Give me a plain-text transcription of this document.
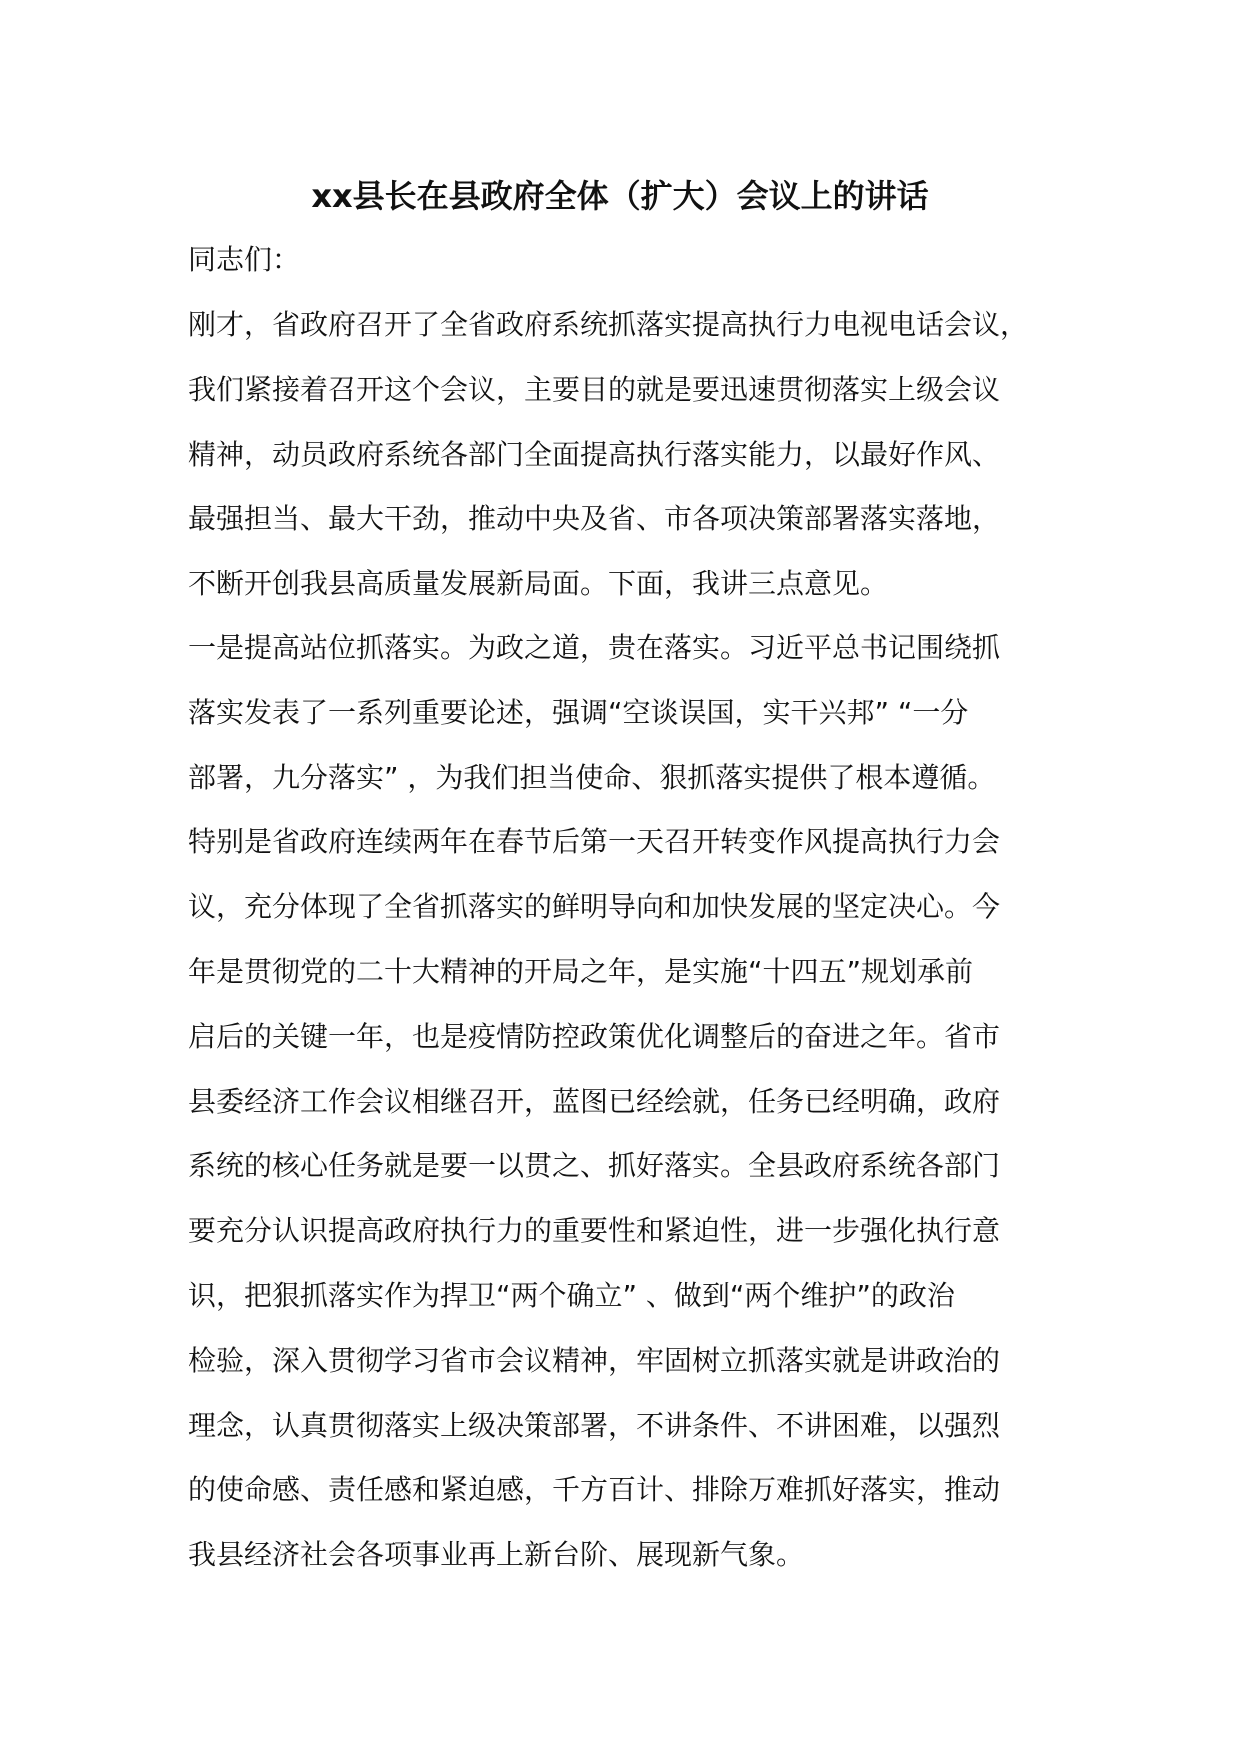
xx县长在县政府全体（扩大）会议上的讲话

同志们：

刚才，省政府召开了全省政府系统抓落实提高执行力电视电话会议，

我们紧接着召开这个会议，主要目的就是要迅速贯彻落实上级会议

精神，动员政府系统各部门全面提高执行落实能力，以最好作风、

最强担当、最大干劲，推动中央及省、市各项决策部署落实落地，

不断开创我县高质量发展新局面。下面，我讲三点意见。

一是提高站位抓落实。为政之道，贵在落实。习近平总书记围绕抓

落实发表了一系列重要论述，强调“空谈误国，实干兴邦” “一分

部署，九分落实” ，为我们担当使命、狠抓落实提供了根本遵循。

特别是省政府连续两年在春节后第一天召开转变作风提高执行力会

议，充分体现了全省抓落实的鲜明导向和加快发展的坚定决心。今

年是贯彻党的二十大精神的开局之年，是实施“十四五”规划承前

启后的关键一年，也是疫情防控政策优化调整后的奋进之年。省市

县委经济工作会议相继召开，蓝图已经绘就，任务已经明确，政府

系统的核心任务就是要一以贯之、抓好落实。全县政府系统各部门

要充分认识提高政府执行力的重要性和紧迫性，进一步强化执行意

识，把狠抓落实作为捍卫“两个确立” 、做到“两个维护”的政治

检验，深入贯彻学习省市会议精神，牢固树立抓落实就是讲政治的

理念，认真贯彻落实上级决策部署，不讲条件、不讲困难，以强烈

的使命感、责任感和紧迫感，千方百计、排除万难抓好落实，推动

我县经济社会各项事业再上新台阶、展现新气象。
